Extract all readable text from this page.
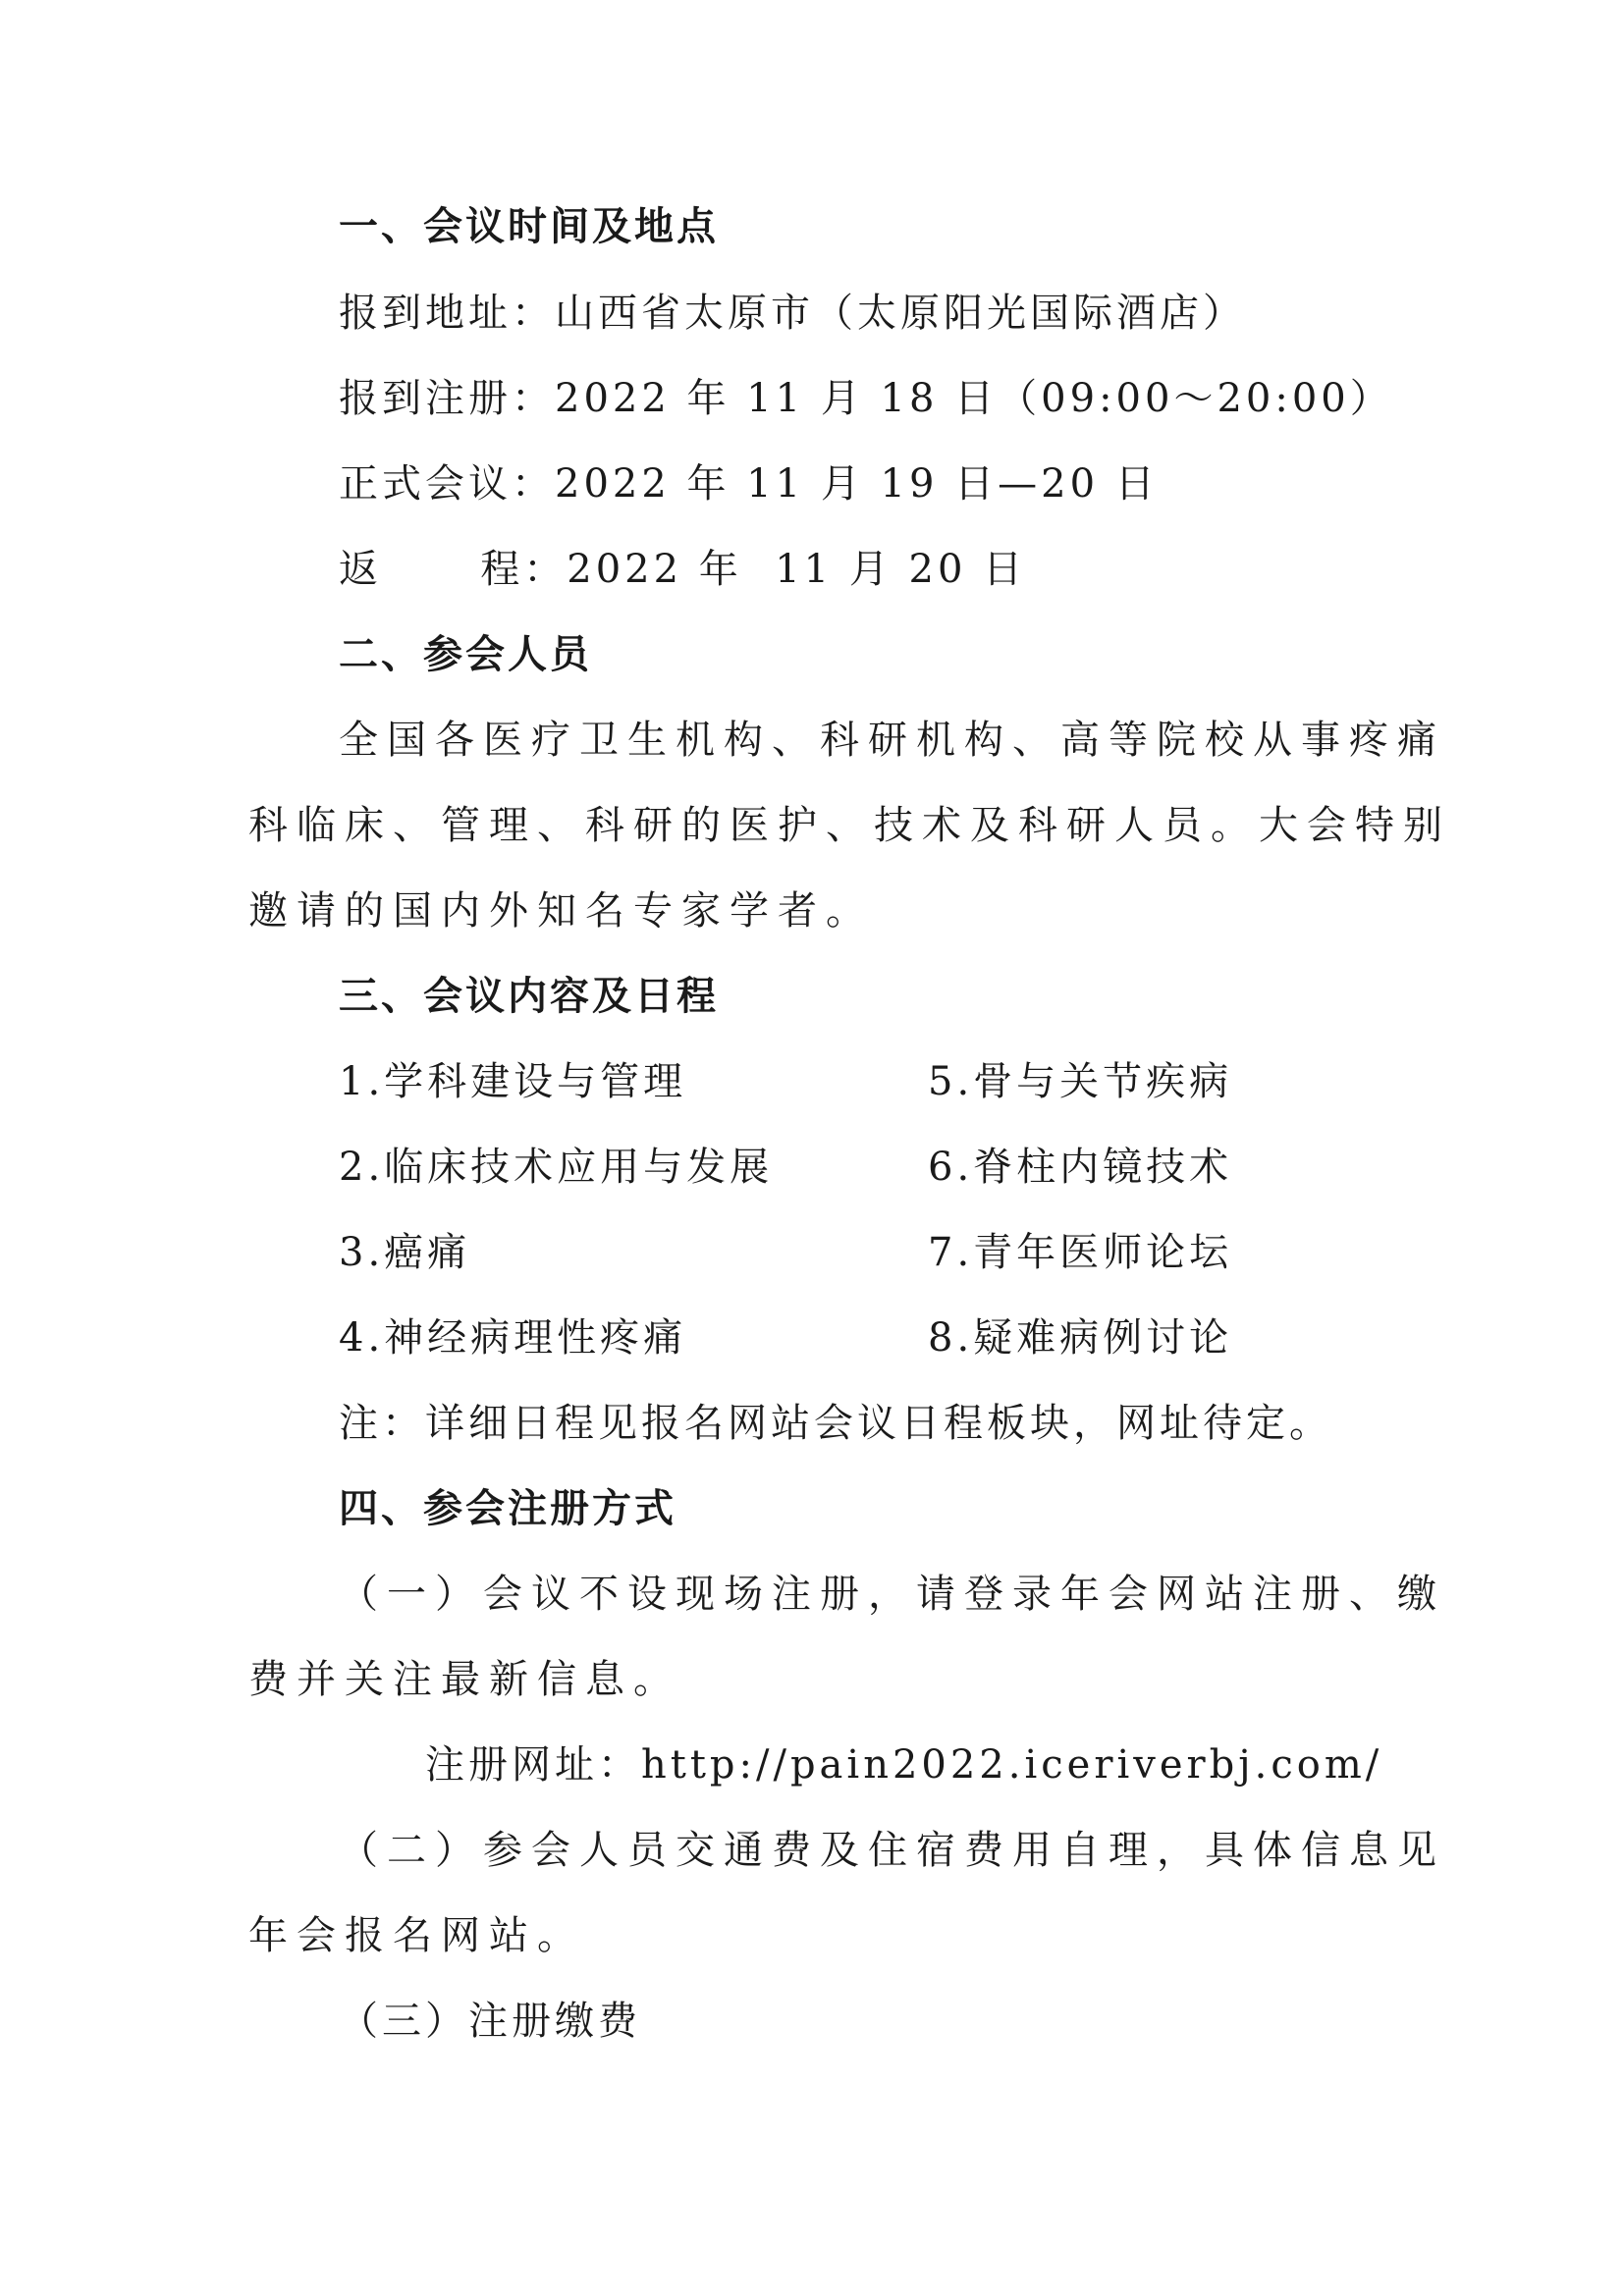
一、会议时间及地点
报到地址：山西省太原市（太原阳光国际酒店）
报到注册：2022 年 11 月 18 日（09:00～20:00）
正式会议：2022 年 11 月 19 日—20 日
返      程：2022 年  11 月 20 日
二、参会人员
全国各医疗卫生机构、科研机构、高等院校从事疼痛
科临床、管理、科研的医护、技术及科研人员。大会特别
邀请的国内外知名专家学者。
三、会议内容及日程
1.学科建设与管理
2.临床技术应用与发展
3.癌痛
4.神经病理性疼痛
5.骨与关节疾病
6.脊柱内镜技术
7.青年医师论坛
8.疑难病例讨论
注：详细日程见报名网站会议日程板块，网址待定。
四、参会注册方式
（一）会议不设现场注册，请登录年会网站注册、缴
费并关注最新信息。
注册网址：http://pain2022.iceriverbj.com/
（二）参会人员交通费及住宿费用自理，具体信息见
年会报名网站。
（三）注册缴费
